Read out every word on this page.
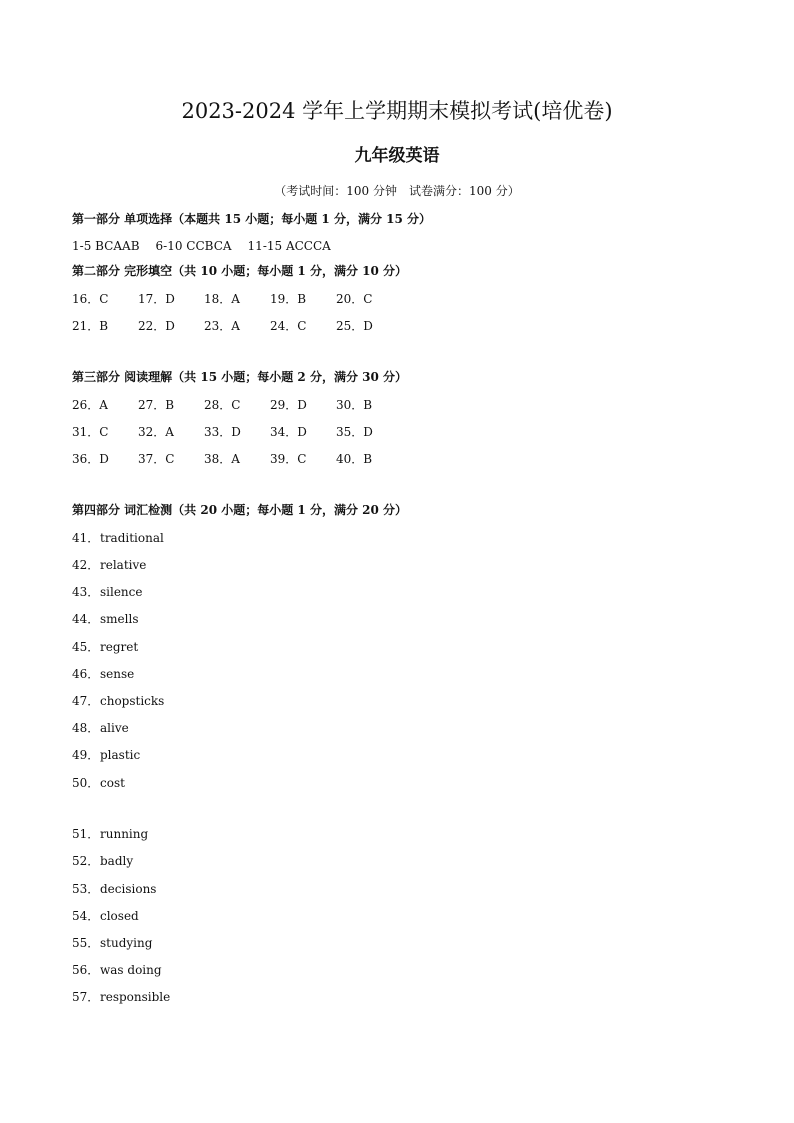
2023-2024 学年上学期期末模拟考试(培优卷)
九年级英语
（考试时间：100 分钟　试卷满分：100 分）
第一部分 单项选择（本题共 15 小题；每小题 1 分，满分 15 分）
1-5 BCAAB 6-10 CCBCA 11-15 ACCCA
第二部分 完形填空（共 10 小题；每小题 1 分，满分 10 分）
16．C 17．D 18．A	19．B 20．C
21．B 22．D 23．A	24．C 25．D
第三部分 阅读理解（共 15 小题；每小题 2 分，满分 30 分）
26．A	27．B 28．C 29．D 30．B
31．C 32．A	33．D 34．D 35．D
36．D 37．C 38．A	39．C 40．B
第四部分 词汇检测（共 20 小题；每小题 1 分，满分 20 分）
41．traditional
42．relative
43．silence
44．smells
45．regret
46．sense
47．chopsticks
48．alive
49．plastic
50．cost
51．running
52．badly
53．decisions
54．closed
55．studying
56．was doing
57．responsible
